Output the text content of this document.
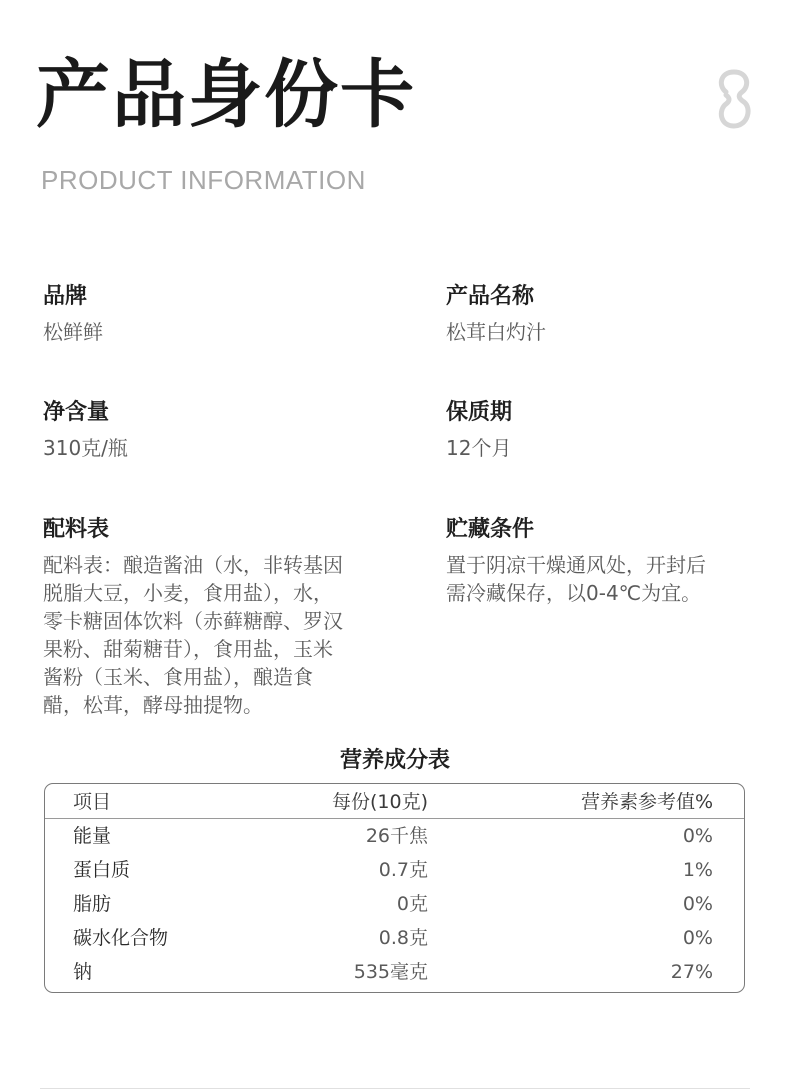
产品身份卡
PRODUCT INFORMATION
品牌
松鲜鲜
产品名称
松茸白灼汁
净含量
310克/瓶
保质期
12个月
配料表
配料表：酿造酱油（水，非转基因
脱脂大豆，小麦，食用盐），水，
零卡糖固体饮料（赤藓糖醇、罗汉
果粉、甜菊糖苷），食用盐，玉米
酱粉（玉米、食用盐），酿造食
醋，松茸，酵母抽提物。
贮藏条件
置于阴凉干燥通风处，开封后
需冷藏保存，以0-4℃为宜。
营养成分表
项目	每份(10克)	营养素参考值%
能量	26千焦	0%
蛋白质	0.7克	1%
脂肪	0克	0%
碳水化合物	0.8克	0%
钠	535毫克	27%
